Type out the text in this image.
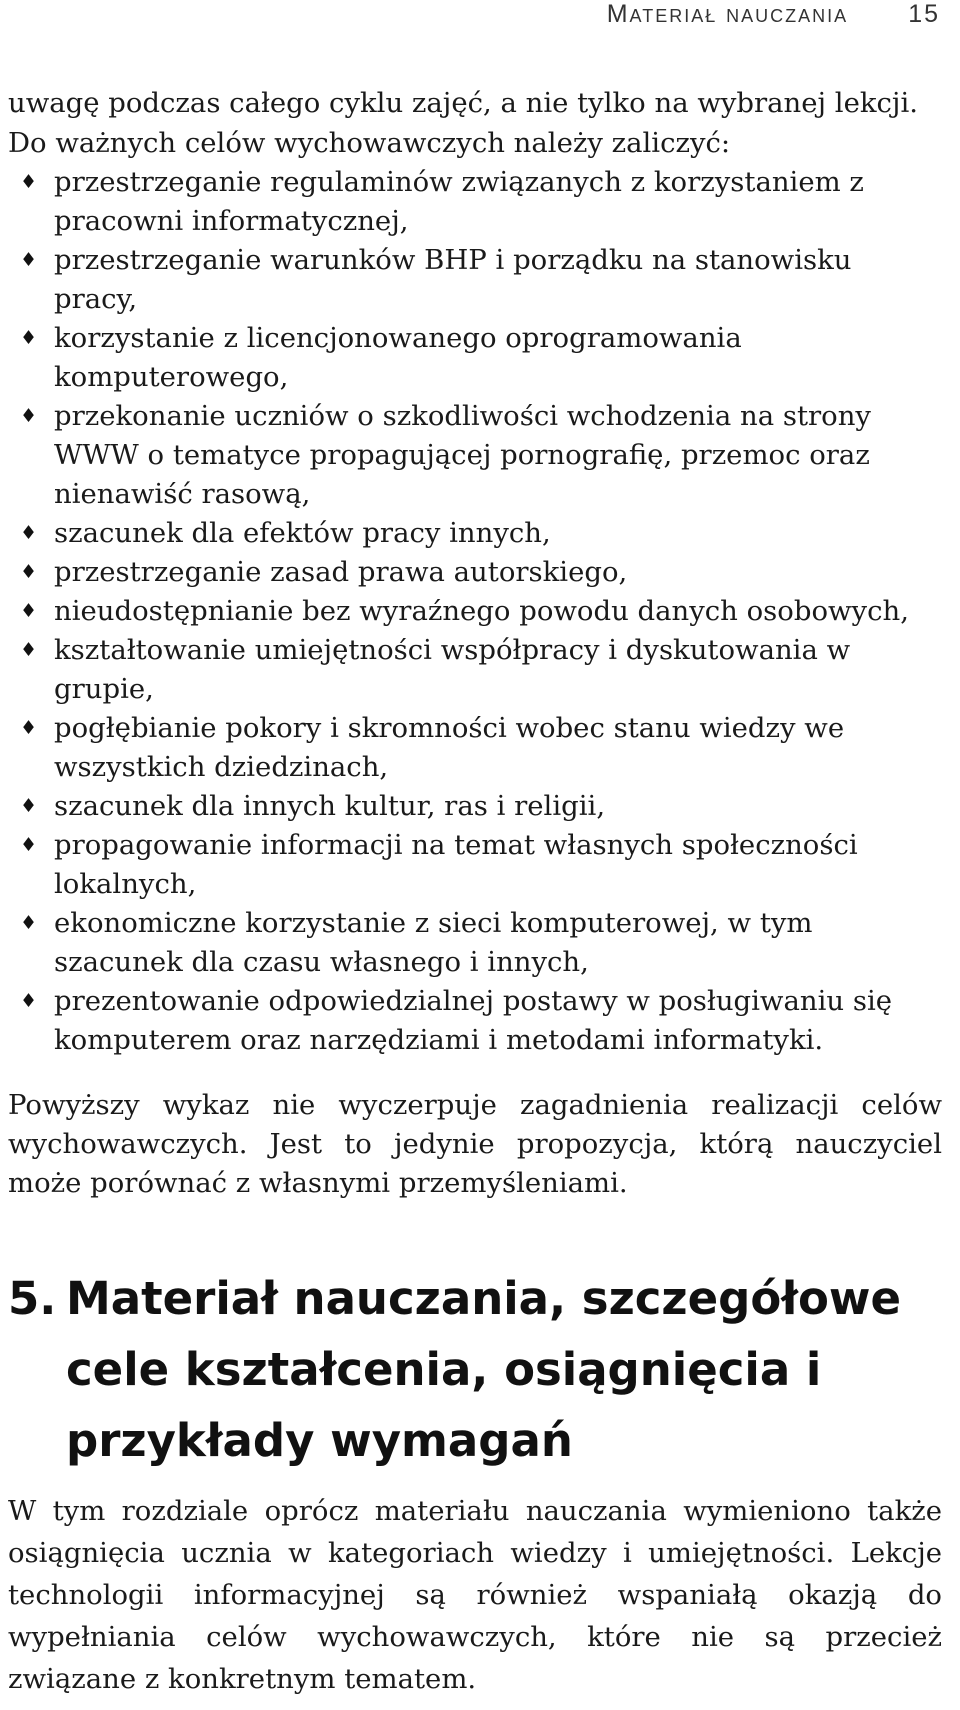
Materiał nauczania 15

uwagę podczas całego cyklu zajęć, a nie tylko na wybranej lekcji.

Do ważnych celów wychowawczych należy zaliczyć:

♦ przestrzeganie regulaminów związanych z korzystaniem z pracowni informatycznej,
♦ przestrzeganie warunków BHP i porządku na stanowisku pracy,
♦ korzystanie z licencjonowanego oprogramowania komputerowego,
♦ przekonanie uczniów o szkodliwości wchodzenia na strony WWW o tematyce propagującej pornografię, przemoc oraz nienawiść rasową,
♦ szacunek dla efektów pracy innych,
♦ przestrzeganie zasad prawa autorskiego,
♦ nieudostępnianie bez wyraźnego powodu danych osobowych,
♦ kształtowanie umiejętności współpracy i dyskutowania w grupie,
♦ pogłębianie pokory i skromności wobec stanu wiedzy we wszystkich dziedzinach,
♦ szacunek dla innych kultur, ras i religii,
♦ propagowanie informacji na temat własnych społeczności lokalnych,
♦ ekonomiczne korzystanie z sieci komputerowej, w tym szacunek dla czasu własnego i innych,
♦ prezentowanie odpowiedzialnej postawy w posługiwaniu się komputerem oraz narzędziami i metodami informatyki.

Powyższy wykaz nie wyczerpuje zagadnienia realizacji celów wychowawczych. Jest to jedynie propozycja, którą nauczyciel może porównać z własnymi przemyśleniami.

5. Materiał nauczania, szczegółowe cele kształcenia, osiągnięcia i przykłady wymagań

W tym rozdziale oprócz materiału nauczania wymieniono także osiągnięcia ucznia w kategoriach wiedzy i umiejętności. Lekcje technologii informacyjnej są również wspaniałą okazją do wypełniania celów wychowawczych, które nie są przecież związane z konkretnym tematem.
